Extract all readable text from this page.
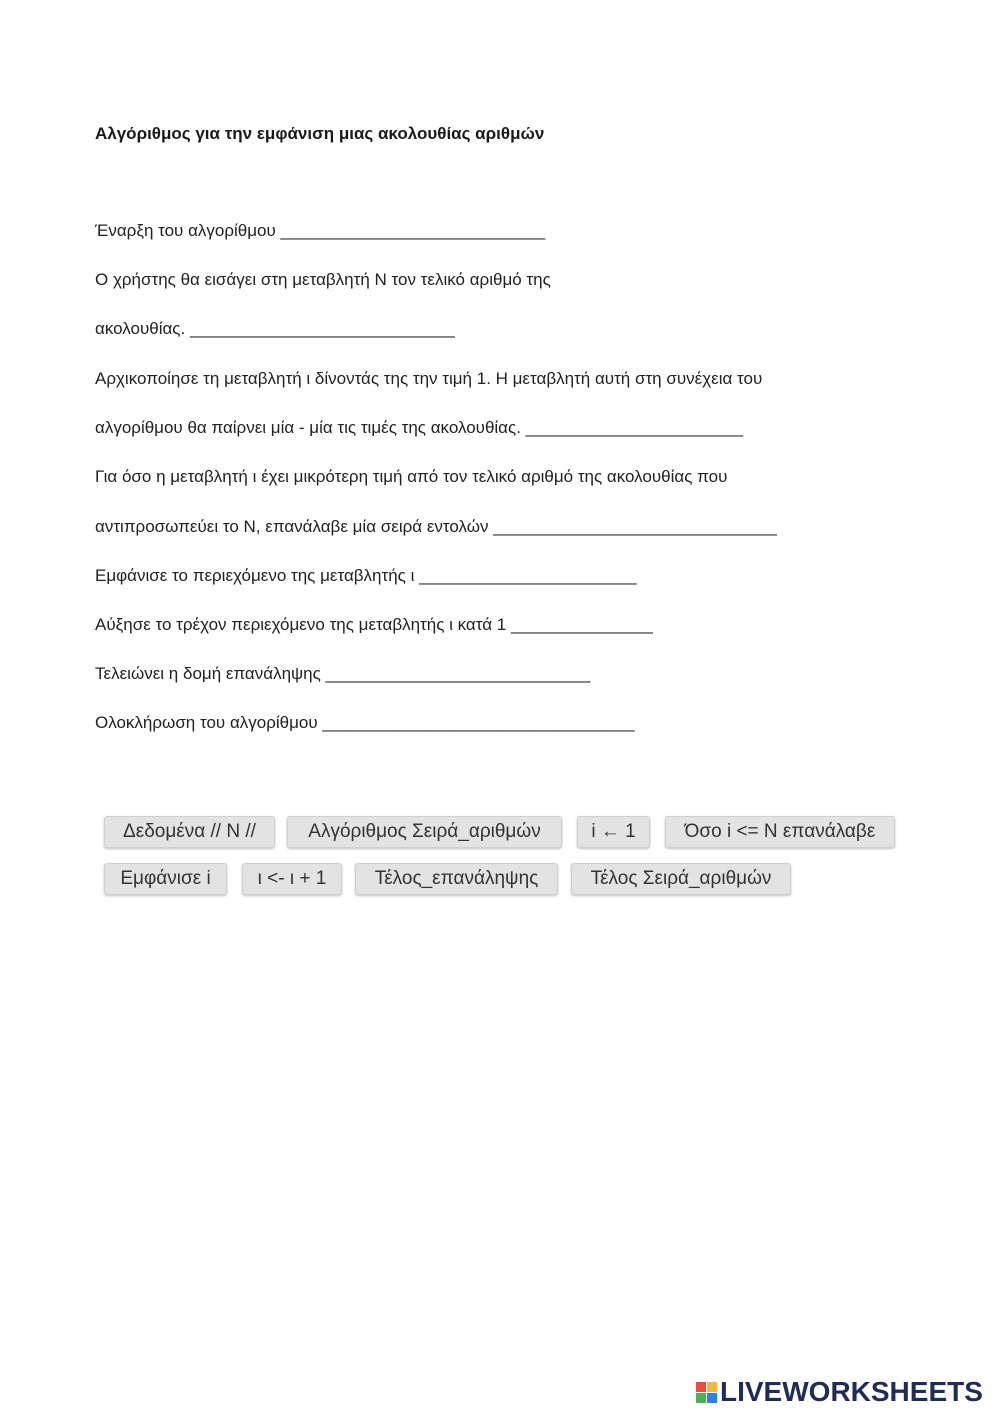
Αλγόριθμος για την εμφάνιση μιας ακολουθίας αριθμών
Έναρξη του αλγορίθμου ____________________________
Ο χρήστης θα εισάγει στη μεταβλητή Ν τον τελικό αριθμό της
ακολουθίας. ____________________________
Αρχικοποίησε τη μεταβλητή ι δίνοντάς της την τιμή 1. Η μεταβλητή αυτή στη συνέχεια του
αλγορίθμου θα παίρνει μία - μία τις τιμές της ακολουθίας. _______________________
Για όσο η μεταβλητή ι έχει μικρότερη τιμή από τον τελικό αριθμό της ακολουθίας που
αντιπροσωπεύει το Ν, επανάλαβε μία σειρά εντολών ______________________________
Εμφάνισε το περιεχόμενο της μεταβλητής ι _______________________
Αύξησε το τρέχον περιεχόμενο της μεταβλητής ι κατά 1 _______________
Τελειώνει η δομή επανάληψης ____________________________
Ολοκλήρωση του αλγορίθμου _________________________________
Δεδομένα // Ν //	Αλγόριθμος Σειρά_αριθμών	i ← 1	Όσο i <= N επανάλαβε
Εμφάνισε i	ι <- ι + 1	Τέλος_επανάληψης	Τέλος Σειρά_αριθμών
LIVEWORKSHEETS
